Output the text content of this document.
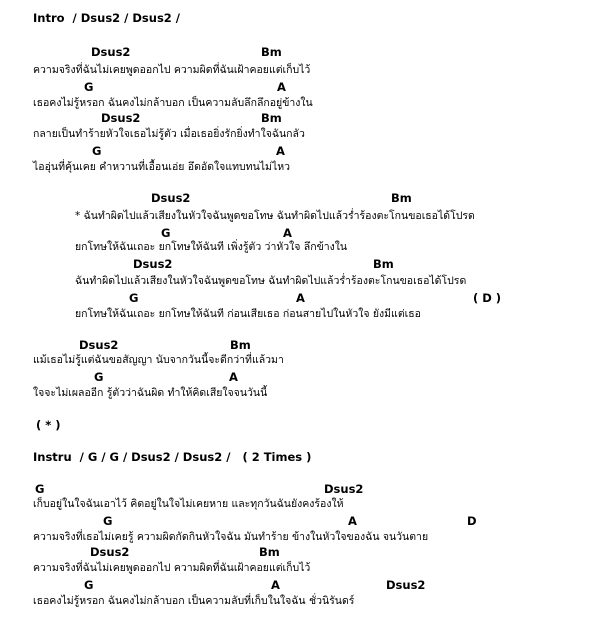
Intro  / Dsus2 / Dsus2 /
Dsus2	Bm
ความจริงที่ฉันไม่เคยพูดออกไป ความผิดที่ฉันเฝ้าคอยแต่เก็บไว้
G	A
เธอคงไม่รู้หรอก ฉันคงไม่กล้าบอก เป็นความลับลึกลึกอยู่ข้างใน
Dsus2	Bm
กลายเป็นทำร้ายหัวใจเธอไม่รู้ตัว เมื่อเธอยิ่งรักยิ่งทำใจฉันกลัว
G	A
ไออุ่นที่คุ้นเคย คำหวานที่เอื้อนเอ่ย อึดอัดใจแทบทนไม่ไหว
Dsus2	Bm
* ฉันทำผิดไปแล้วเสียงในหัวใจฉันพูดขอโทษ ฉันทำผิดไปแล้วร่ำร้องตะโกนขอเธอได้โปรด
G	A
ยกโทษให้ฉันเถอะ ยกโทษให้ฉันที เพิ่งรู้ตัว ว่าหัวใจ ลึกข้างใน
Dsus2	Bm
ฉันทำผิดไปแล้วเสียงในหัวใจฉันพูดขอโทษ ฉันทำผิดไปแล้วร่ำร้องตะโกนขอเธอได้โปรด
G	A	( D )
ยกโทษให้ฉันเถอะ ยกโทษให้ฉันที ก่อนเสียเธอ ก่อนสายไปในหัวใจ ยังมีแต่เธอ
Dsus2	Bm
แม้เธอไม่รู้แต่ฉันขอสัญญา นับจากวันนี้จะดีกว่าที่แล้วมา
G	A
ใจจะไม่เผลออีก รู้ตัวว่าฉันผิด ทำให้คิดเสียใจจนวันนี้
( * )
Instru  / G / G / Dsus2 / Dsus2 /   ( 2 Times )
G	Dsus2
เก็บอยู่ในใจฉันเอาไว้ คิดอยู่ในใจไม่เคยหาย และทุกวันฉันยังคงร้องให้
G	A	D
ความจริงที่เธอไม่เคยรู้ ความผิดกัดกินหัวใจฉัน มันทำร้าย ข้างในหัวใจของฉัน จนวันตาย
Dsus2	Bm
ความจริงที่ฉันไม่เคยพูดออกไป ความผิดที่ฉันเฝ้าคอยแต่เก็บไว้
G	A	Dsus2
เธอคงไม่รู้หรอก ฉันคงไม่กล้าบอก เป็นความลับที่เก็บในใจฉัน ชั่วนิรันดร์
